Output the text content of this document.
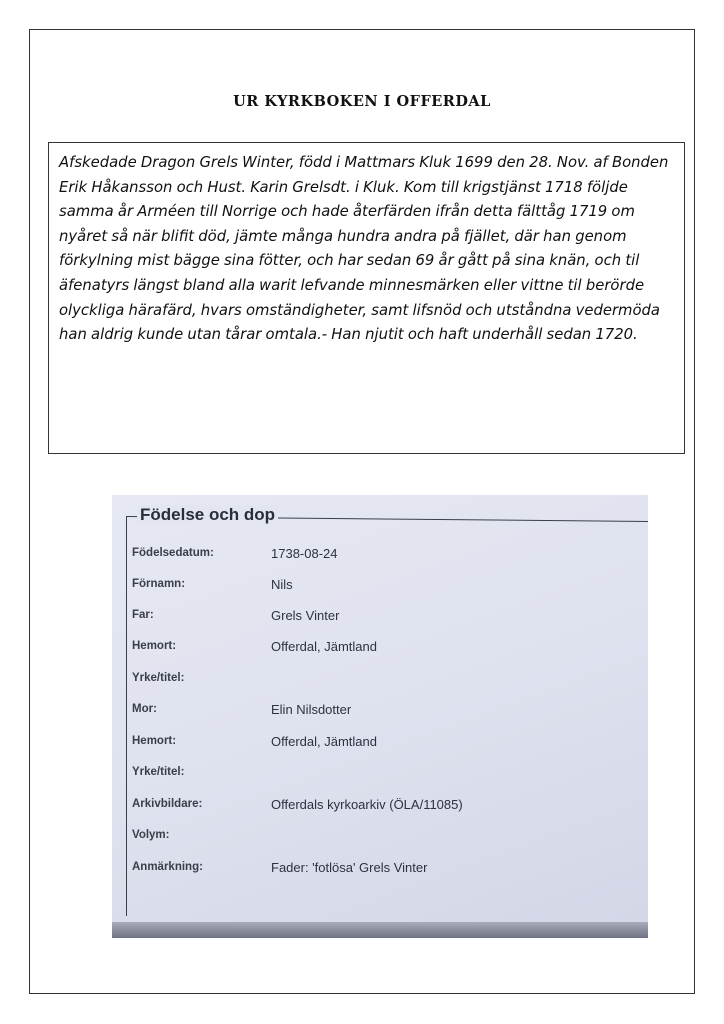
UR KYRKBOKEN I OFFERDAL

Afskedade Dragon Grels Winter, född i Mattmars Kluk 1699 den 28. Nov. af Bonden Erik Håkansson och Hust. Karin Grelsdt. i Kluk. Kom till krigstjänst 1718 följde samma år Arméen till Norrige och hade återfärden ifrån detta fälttåg 1719 om nyåret så när blifit död, jämte många hundra andra på fjället, där han genom förkylning mist bägge sina fötter, och har sedan 69 år gått på sina knän, och til äfenatyrs längst bland alla warit lefvande minnesmärken eller vittne til berörde olyckliga härafärd, hvars omständigheter, samt lifsnöd och utståndna vedermöda han aldrig kunde utan tårar omtala.- Han njutit och haft underhåll sedan 1720.

Födelse och dop
Födelsedatum:	1738-08-24
Förnamn:	Nils
Far:	Grels Vinter
Hemort:	Offerdal, Jämtland
Yrke/titel:
Mor:	Elin Nilsdotter
Hemort:	Offerdal, Jämtland
Yrke/titel:
Arkivbildare:	Offerdals kyrkoarkiv (ÖLA/11085)
Volym:
Anmärkning:	Fader: 'fotlösa' Grels Vinter
